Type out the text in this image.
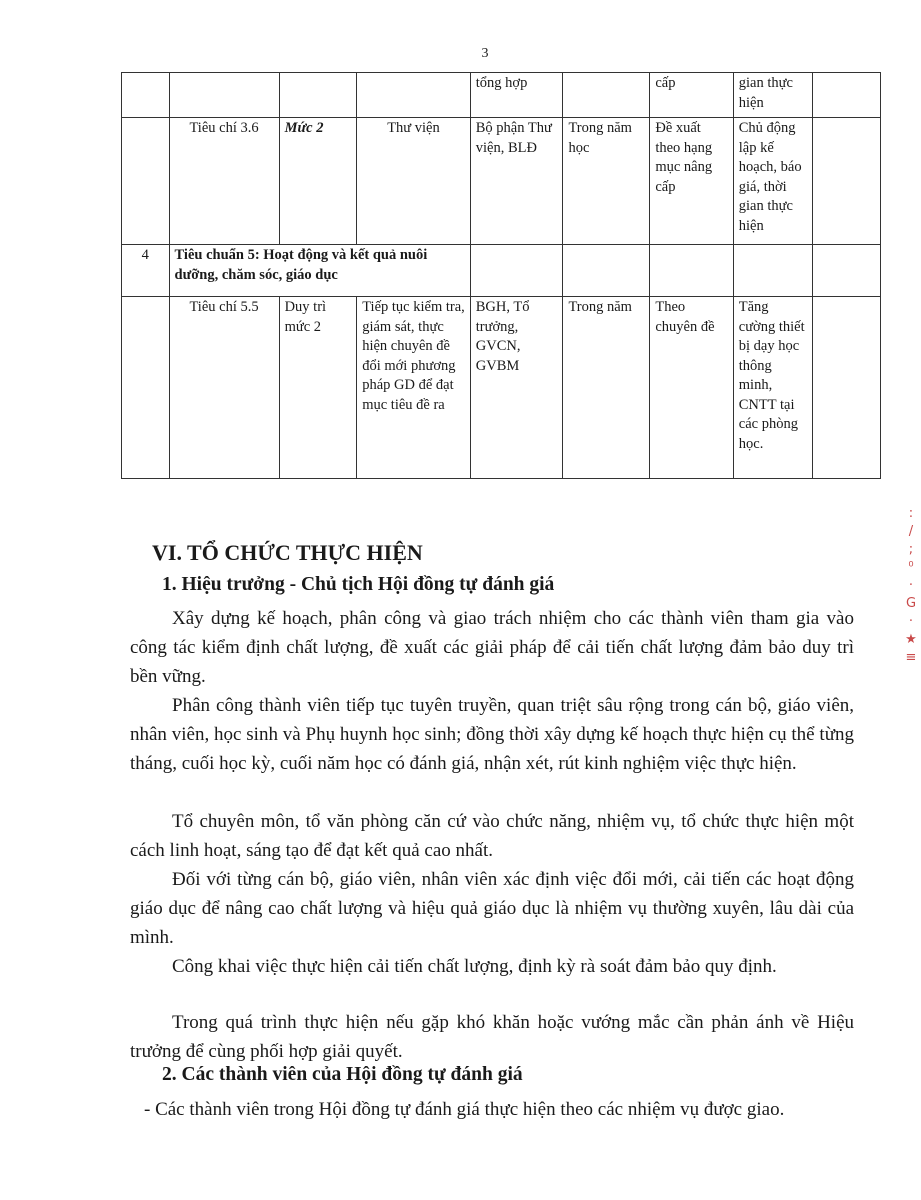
3
				tổng hợp		cấp	gian thực hiện	
	Tiêu chí 3.6	Mức 2	Thư viện	Bộ phận Thư viện, BLĐ	Trong năm học	Đề xuất theo hạng mục nâng cấp	Chủ động lập kế hoạch, báo giá, thời gian thực hiện	
4	Tiêu chuẩn 5: Hoạt động và kết quả nuôi dưỡng, chăm sóc, giáo dục							
	Tiêu chí 5.5	Duy trì mức 2	Tiếp tục kiểm tra, giám sát, thực hiện chuyên đề đổi mới phương pháp GD để đạt mục tiêu đề ra	BGH, Tổ trưởng, GVCN, GVBM	Trong năm	Theo chuyên đề	Tăng cường thiết bị dạy học thông minh, CNTT tại các phòng học.	
VI. TỔ CHỨC THỰC HIỆN
1. Hiệu trưởng - Chủ tịch Hội đồng tự đánh giá
Xây dựng kế hoạch, phân công và giao trách nhiệm cho các thành viên tham gia vào công tác kiểm định chất lượng, đề xuất các giải pháp để cải tiến chất lượng đảm bảo duy trì bền vững.
Phân công thành viên tiếp tục tuyên truyền, quan triệt sâu rộng trong cán bộ, giáo viên, nhân viên, học sinh và Phụ huynh học sinh; đồng thời xây dựng kế hoạch thực hiện cụ thể từng tháng, cuối học kỳ, cuối năm học có đánh giá, nhận xét, rút kinh nghiệm việc thực hiện.
Tổ chuyên môn, tổ văn phòng căn cứ vào chức năng, nhiệm vụ, tổ chức thực hiện một cách linh hoạt, sáng tạo để đạt kết quả cao nhất.
Đối với từng cán bộ, giáo viên, nhân viên xác định việc đổi mới, cải tiến các hoạt động giáo dục để nâng cao chất lượng và hiệu quả giáo dục là nhiệm vụ thường xuyên, lâu dài của mình.
Công khai việc thực hiện cải tiến chất lượng, định kỳ rà soát đảm bảo quy định.
Trong quá trình thực hiện nếu gặp khó khăn hoặc vướng mắc cần phản ánh về Hiệu trưởng để cùng phối hợp giải quyết.
2. Các thành viên của Hội đồng tự đánh giá
- Các thành viên trong Hội đồng tự đánh giá thực hiện theo các nhiệm vụ được giao.
:
/
;
⁰
·
G
·
★
≡
